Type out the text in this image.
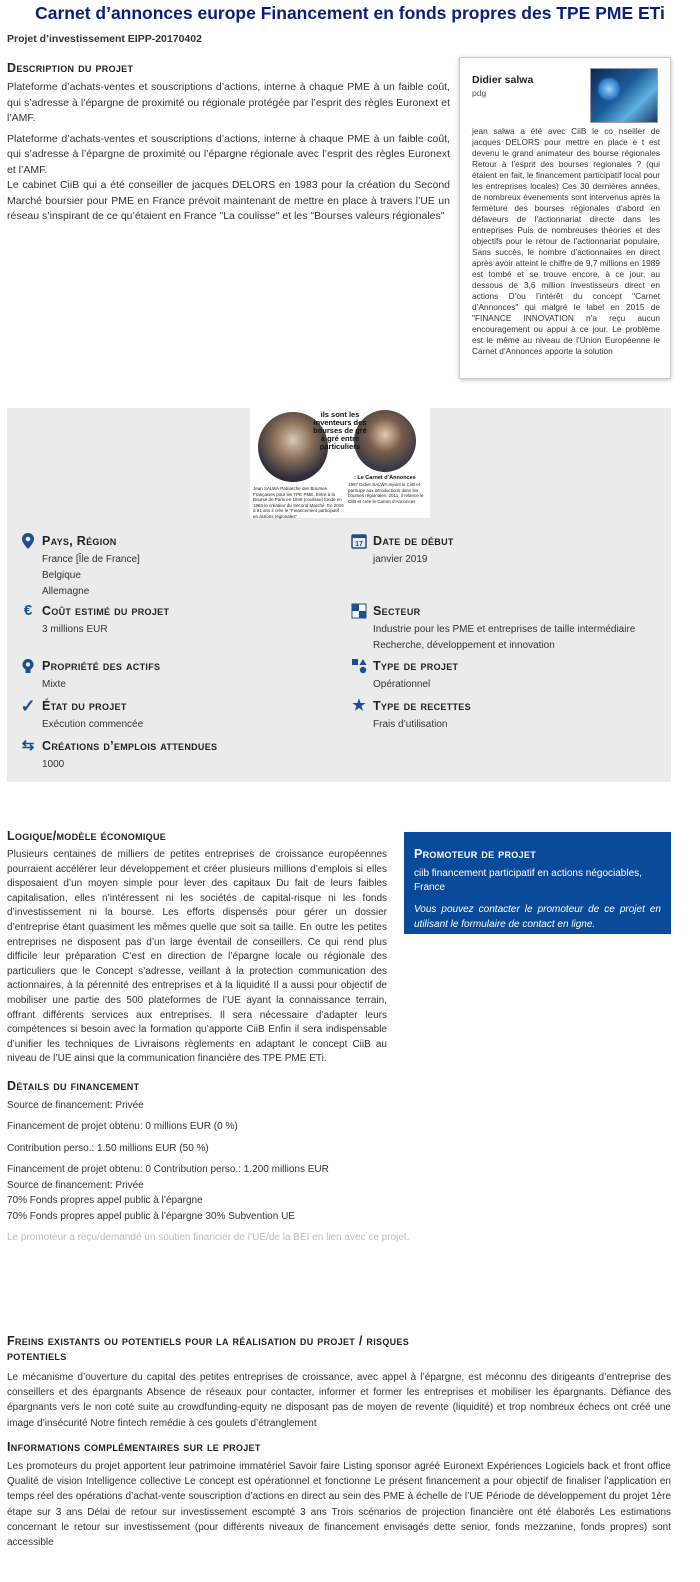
Carnet d’annonces europe Financement en fonds propres des TPE PME ETi
Projet d’investissement EIPP-20170402
Description du projet

Plateforme d’achats-ventes et souscriptions d’actions, interne à chaque PME à un faible coût, qui s’adresse à l’épargne de proximité ou régionale protégée par l’esprit des règles Euronext et l’AMF.

Plateforme d’achats-ventes et souscriptions d’actions, interne à chaque PME à un faible coût, qui s’adresse à l’épargne de proximité ou l’épargne régionale avec l’esprit des règles Euronext et l’AMF.

Le cabinet CiiB qui a été conseiller de jacques DELORS en 1983 pour la création du Second Marché boursier pour PME en France prévoit maintenant de mettre en place à travers l’UE un réseau s’inspirant de ce qu’étaient en France "La coulisse" et les "Bourses valeurs régionales"

Didier salwa
pdg
jean salwa a été avec CiiB le co nseiller de jacques DELORS pour mettre en place e t est devenu le grand animateur des bourse régionales Retour à l’esprit des bourses regionales ? (qui étaient en fait, le financement participatif local pour les entreprises locales) Ces 30 dernières années, de nombreux évenements sont intervenus après la fermeture des bourses régionales d’abord en défaveurs de l’actionnariat directe dans les entreprises Puis de nombreuses théories et des objectifs pour le retour de l’actionnariat populaire, Sans succès, le nombre d’actionnaires en direct après avoir atteint le chiffre de 9,7 millions en 1989 est tombé et se trouve encore, à ce jour, au dessous de 3,6 million investisseurs direct en actions D’ou l’intérêt du concept "Carnet d’Annonces" qui malgré le label en 2015 de "FINANCE INNOVATION n’a reçu aucun encouragement ou appui à ce jour. Le problème est le même au niveau de l’Union Européenne le Carnet d’Annonces apporte la solution
ils sont les inventeurs des bourses de gré à gré entre particuliers
: Le Carnet d’Annonces
Jean SALWA Patriarche des Bourses Françaises pour les TPE PME. Entre à la Bourse de Paris en 1949 (coulisse) fonde en 1963 le créateur du Second Marché. En 2016 à 91 ans il crée le "Financement participatif en actions régionales"
1987 Didier SALWA rejoint le CiiB et participe aux introductions dans les bourses régionales. 2011, il relance le CiiB et crée le Carnet d’Annonces
Pays, Région
France [Île de France]
Belgique
Allemagne
17 Date de début
janvier 2019
€ Coût estimé du projet
3 millions EUR
Secteur
Industrie pour les PME et entreprises de taille intermédiaire
Recherche, développement et innovation
Propriété des actifs
Mixte
Type de projet
Opérationnel
✓ État du projet
Exécution commencée
★ Type de recettes
Frais d’utilisation
⇆ Créations d’emplois attendues
1000
Logique/modèle économique

Plusieurs centaines de milliers de petites entreprises de croissance européennes pourraient accélérer leur développement et créer plusieurs millions d’emplois si elles disposaient d’un moyen simple pour lever des capitaux Du fait de leurs faibles capitalisation, elles n’intéressent ni les sociétés de capital-risque ni les fonds d’investissement ni la bourse. Les efforts dispensés pour gérer un dossier d’entreprise étant quasiment les mêmes quelle que soit sa taille. En outre les petites entreprises ne disposent pas d’un large éventail de conseillers. Ce qui rend plus difficile leur préparation C’est en direction de l’épargne locale ou régionale des particuliers que le Concept s’adresse, veillant à la protection communication des actionnaires, à la pérennité des entreprises et à la liquidité Il a aussi pour objectif de mobiliser une partie des 500 plateformes de l’UE ayant la connaissance terrain, offrant différents services aux entreprises. Il sera nécessaire d’adapter leurs compétences si besoin avec la formation qu’apporte CiiB Enfin il sera indispensable d’unifier les techniques de Livraisons règlements en adaptant le concept CiiB au niveau de l’UE ainsi que la communication financière des TPE PME ETi.

Détails du financement
Source de financement: Privée
Financement de projet obtenu: 0 millions EUR (0 %)
Contribution perso.: 1.50 millions EUR (50 %)
Financement de projet obtenu: 0 Contribution perso.: 1.200 millions EUR
Source de financement: Privée
70% Fonds propres appel public à l’épargne
70% Fonds propres appel public à l’épargne 30% Subvention UE
Le promoteur a reçu/demandé un soutien financier de l’UE/de la BEI en lien avec ce projet.
Promoteur de projet
ciib financement participatif en actions négociables, France
Vous pouvez contacter le promoteur de ce projet en utilisant le formulaire de contact en ligne.
Freins existants ou potentiels pour la réalisation du projet / risques potentiels

Le mécanisme d’ouverture du capital des petites entreprises de croissance, avec appel à l’épargne, est méconnu des dirigeants d’entreprise des conseillers et des épargnants Absence de réseaux pour contacter, informer et former les entreprises et mobiliser les épargnants. Défiance des épargnants vers le non coté suite au crowdfunding-equity ne disposant pas de moyen de revente (liquidité) et trop nombreux échecs ont créé une image d’insécurité Notre fintech remédie à ces goulets d’étranglement

Informations complémentaires sur le projet

Les promoteurs du projet apportent leur patrimoine immatériel Savoir faire Listing sponsor agréé Euronext Expériences Logiciels back et front office Qualité de vision Intelligence collective Le concept est opérationnel et fonctionne Le présent financement a pour objectif de finaliser l’application en temps réel des opérations d’achat-vente souscription d’actions en direct au sein des PME à échelle de l’UE Période de développement du projet 1ère étape sur 3 ans Délai de retour sur investissement escompté 3 ans Trois scénarios de projection financière ont été élaborés Les estimations concernant le retour sur investissement (pour différents niveaux de financement envisagés dette senior, fonds mezzanine, fonds propres) sont accessible
